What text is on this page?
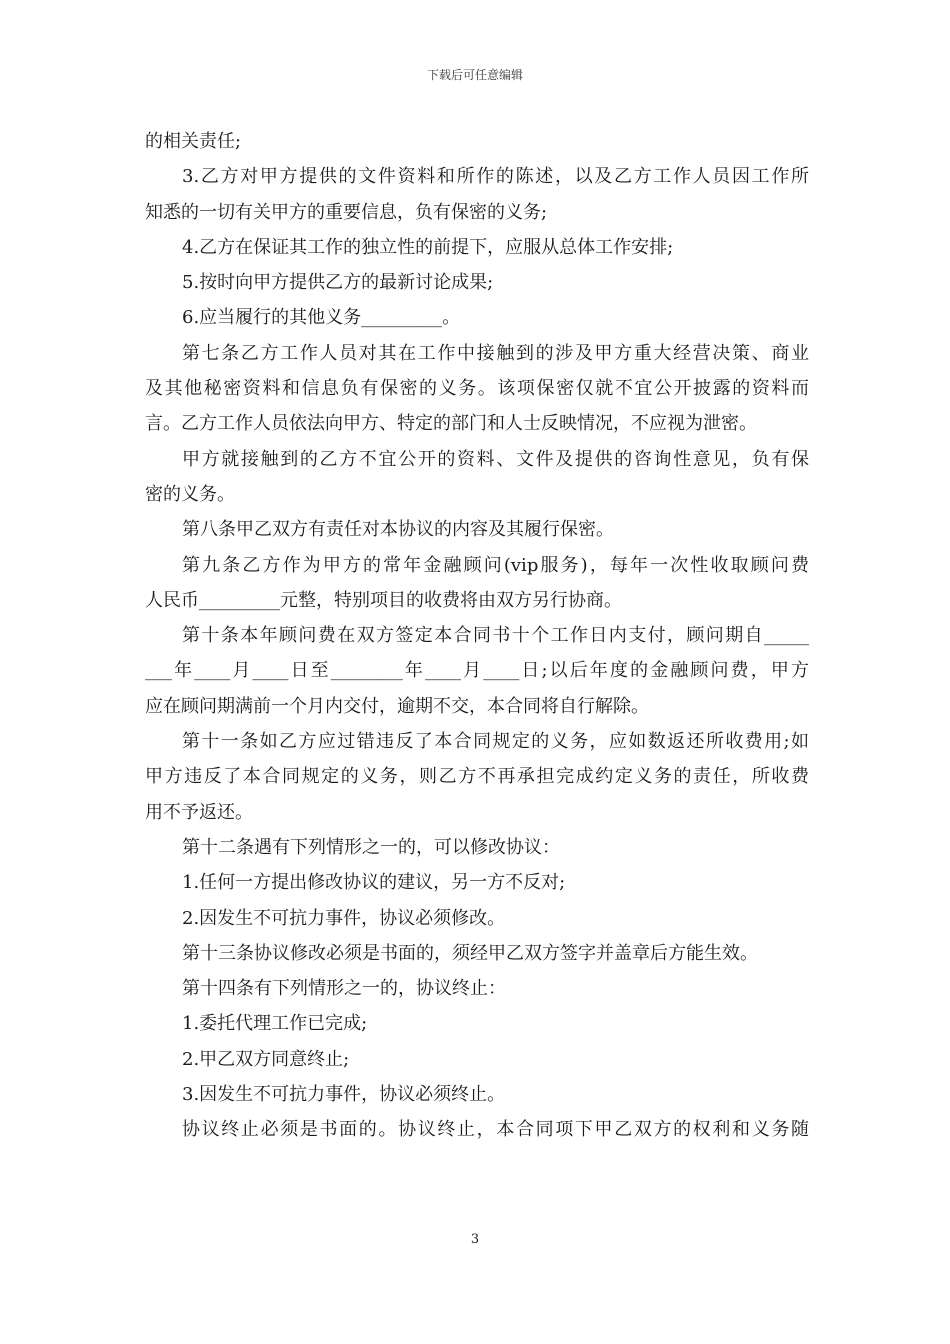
下载后可任意编辑
的相关责任;
3.乙方对甲方提供的文件资料和所作的陈述，以及乙方工作人员因工作所
知悉的一切有关甲方的重要信息，负有保密的义务;
4.乙方在保证其工作的独立性的前提下，应服从总体工作安排;
5.按时向甲方提供乙方的最新讨论成果;
6.应当履行的其他义务_________。
第七条乙方工作人员对其在工作中接触到的涉及甲方重大经营决策、商业
及其他秘密资料和信息负有保密的义务。该项保密仅就不宜公开披露的资料而
言。乙方工作人员依法向甲方、特定的部门和人士反映情况，不应视为泄密。
甲方就接触到的乙方不宜公开的资料、文件及提供的咨询性意见，负有保
密的义务。
第八条甲乙双方有责任对本协议的内容及其履行保密。
第九条乙方作为甲方的常年金融顾问(vip服务)，每年一次性收取顾问费
人民币_________元整，特别项目的收费将由双方另行协商。
第十条本年顾问费在双方签定本合同书十个工作日内支付，顾问期自_____
___年____月____日至________年____月____日;以后年度的金融顾问费，甲方
应在顾问期满前一个月内交付，逾期不交，本合同将自行解除。
第十一条如乙方应过错违反了本合同规定的义务，应如数返还所收费用;如
甲方违反了本合同规定的义务，则乙方不再承担完成约定义务的责任，所收费
用不予返还。
第十二条遇有下列情形之一的，可以修改协议：
1.任何一方提出修改协议的建议，另一方不反对;
2.因发生不可抗力事件，协议必须修改。
第十三条协议修改必须是书面的，须经甲乙双方签字并盖章后方能生效。
第十四条有下列情形之一的，协议终止：
1.委托代理工作已完成;
2.甲乙双方同意终止;
3.因发生不可抗力事件，协议必须终止。
协议终止必须是书面的。协议终止，本合同项下甲乙双方的权利和义务随
3
